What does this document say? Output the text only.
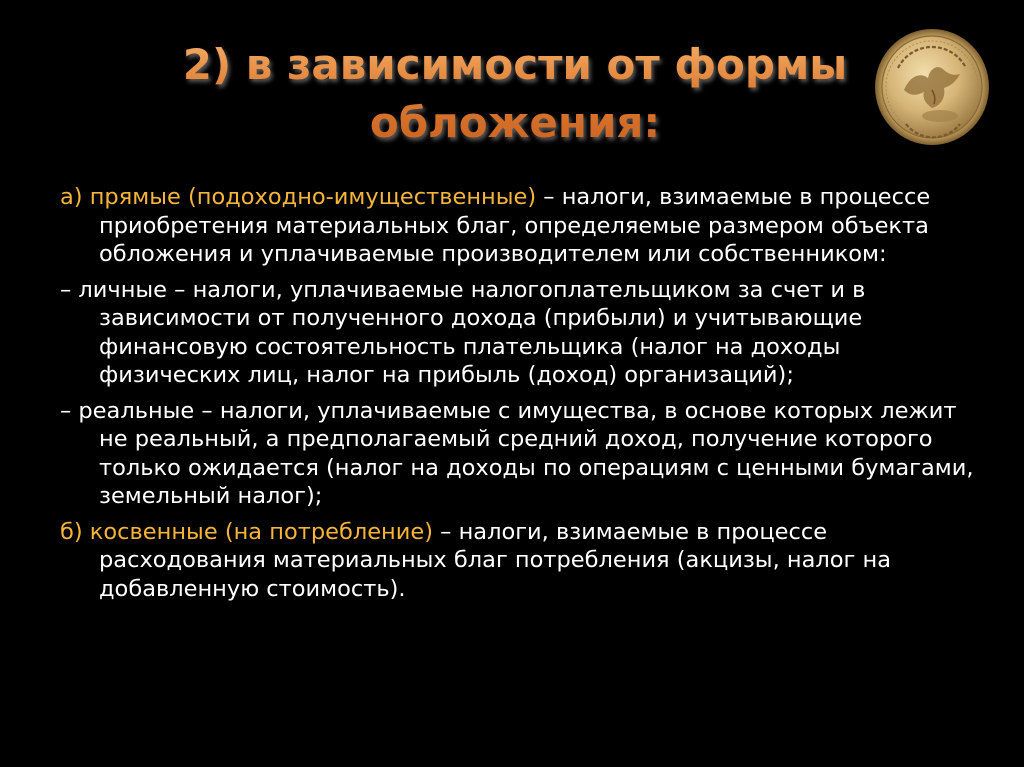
2) в зависимости от формы обложения:

а) прямые (подоходно-имущественные) – налоги, взимаемые в процессе приобретения материальных благ, определяемые размером объекта обложения и уплачиваемые производителем или собственником:

– личные – налоги, уплачиваемые налогоплательщиком за счет и в зависимости от полученного дохода (прибыли) и учитывающие финансовую состоятельность плательщика (налог на доходы физических лиц, налог на прибыль (доход) организаций);

– реальные – налоги, уплачиваемые с имущества, в основе которых лежит не реальный, а предполагаемый средний доход, получение которого только ожидается (налог на доходы по операциям с ценными бумагами, земельный налог);

б) косвенные (на потребление) – налоги, взимаемые в процессе расходования материальных благ потребления (акцизы, налог на добавленную стоимость).
